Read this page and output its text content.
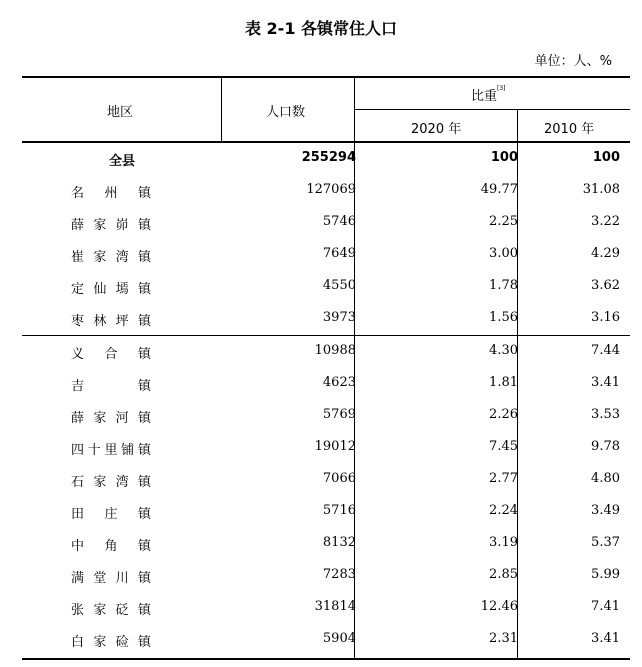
表 2-1 各镇常住人口
单位：人、%
地区	人口数
比重[3]
2020 年	2010 年
全县	255294	100	100
名州镇	127069	49.77	31.08
薛家峁镇	5746	2.25	3.22
崔家湾镇	7649	3.00	4.29
定仙墕镇	4550	1.78	3.62
枣林坪镇	3973	1.56	3.16
义合镇	10988	4.30	7.44
吉镇	4623	1.81	3.41
薛家河镇	5769	2.26	3.53
四十里铺镇	19012	7.45	9.78
石家湾镇	7066	2.77	4.80
田庄镇	5716	2.24	3.49
中角镇	8132	3.19	5.37
满堂川镇	7283	2.85	5.99
张家砭镇	31814	12.46	7.41
白家硷镇	5904	2.31	3.41
